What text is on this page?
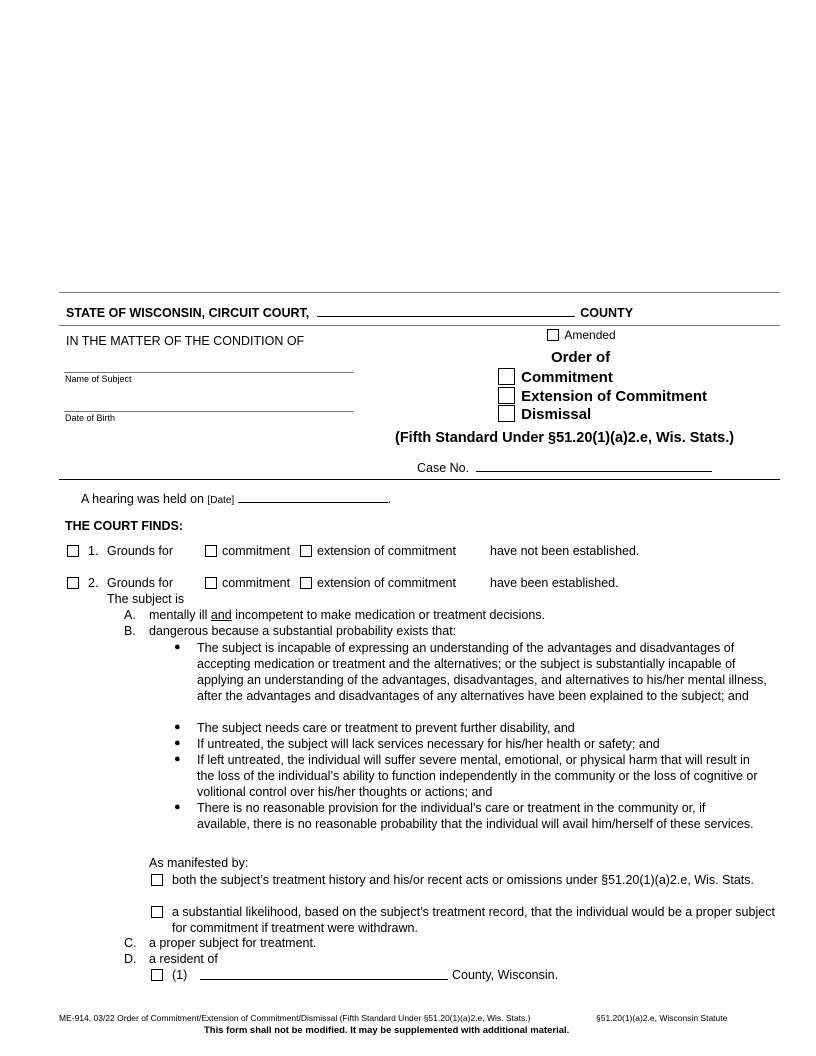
STATE OF WISCONSIN, CIRCUIT COURT,	COUNTY
IN THE MATTER OF THE CONDITION OF
Name of Subject
Date of Birth
Amended
Order of
Commitment
Extension of Commitment
Dismissal
(Fifth Standard Under §51.20(1)(a)2.e, Wis. Stats.)
Case No.
A hearing was held on [Date]	.
THE COURT FINDS:
1. Grounds for	commitment extension of commitment	have not been established.
2. Grounds for	commitment extension of commitment	have been established.
The subject is
A. mentally ill and incompetent to make medication or treatment decisions.
B. dangerous because a substantial probability exists that:
● The subject is incapable of expressing an understanding of the advantages and disadvantages of accepting medication or treatment and the alternatives; or the subject is substantially incapable of applying an understanding of the advantages, disadvantages, and alternatives to his/her mental illness, after the advantages and disadvantages of any alternatives have been explained to the subject; and
● The subject needs care or treatment to prevent further disability, and
● If untreated, the subject will lack services necessary for his/her health or safety; and
● If left untreated, the individual will suffer severe mental, emotional, or physical harm that will result in the loss of the individual’s ability to function independently in the community or the loss of cognitive or volitional control over his/her thoughts or actions; and
● There is no reasonable provision for the individual’s care or treatment in the community or, if available, there is no reasonable probability that the individual will avail him/herself of these services.
As manifested by:
both the subject’s treatment history and his/or recent acts or omissions under §51.20(1)(a)2.e, Wis. Stats.
a substantial likelihood, based on the subject’s treatment record, that the individual would be a proper subject for commitment if treatment were withdrawn.
C. a proper subject for treatment.
D. a resident of
(1)	County, Wisconsin.
ME-914, 03/22 Order of Commitment/Extension of Commitment/Dismissal (Fifth Standard Under §51.20(1)(a)2.e, Wis. Stats.)	§51.20(1)(a)2.e, Wisconsin Statute
This form shall not be modified. It may be supplemented with additional material.
